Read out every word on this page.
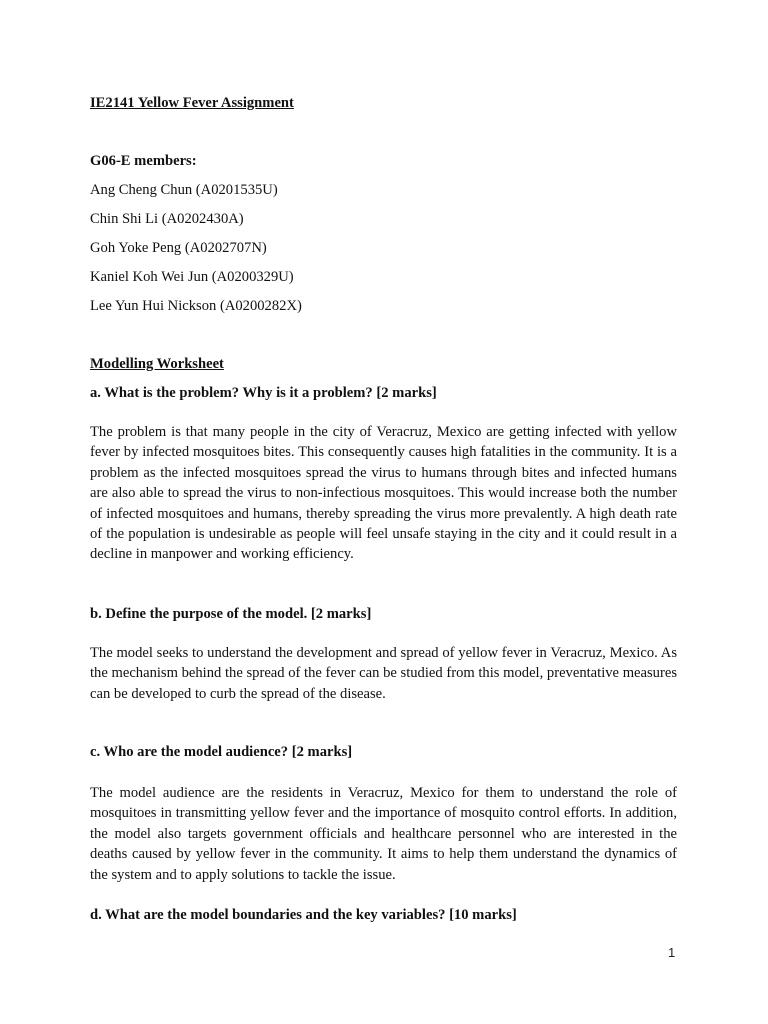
IE2141 Yellow Fever Assignment
G06-E members:
Ang Cheng Chun (A0201535U)
Chin Shi Li (A0202430A)
Goh Yoke Peng (A0202707N)
Kaniel Koh Wei Jun (A0200329U)
Lee Yun Hui Nickson (A0200282X)
Modelling Worksheet
a. What is the problem? Why is it a problem? [2 marks]
The problem is that many people in the city of Veracruz, Mexico are getting infected with yellow fever by infected mosquitoes bites. This consequently causes high fatalities in the community. It is a problem as the infected mosquitoes spread the virus to humans through bites and infected humans are also able to spread the virus to non-infectious mosquitoes. This would increase both the number of infected mosquitoes and humans, thereby spreading the virus more prevalently. A high death rate of the population is undesirable as people will feel unsafe staying in the city and it could result in a decline in manpower and working efficiency.
b. Define the purpose of the model. [2 marks]
The model seeks to understand the development and spread of yellow fever in Veracruz, Mexico. As the mechanism behind the spread of the fever can be studied from this model, preventative measures can be developed to curb the spread of the disease.
c. Who are the model audience? [2 marks]
The model audience are the residents in Veracruz, Mexico for them to understand the role of mosquitoes in transmitting yellow fever and the importance of mosquito control efforts. In addition, the model also targets government officials and healthcare personnel who are interested in the deaths caused by yellow fever in the community. It aims to help them understand the dynamics of the system and to apply solutions to tackle the issue.
d. What are the model boundaries and the key variables? [10 marks]
1
